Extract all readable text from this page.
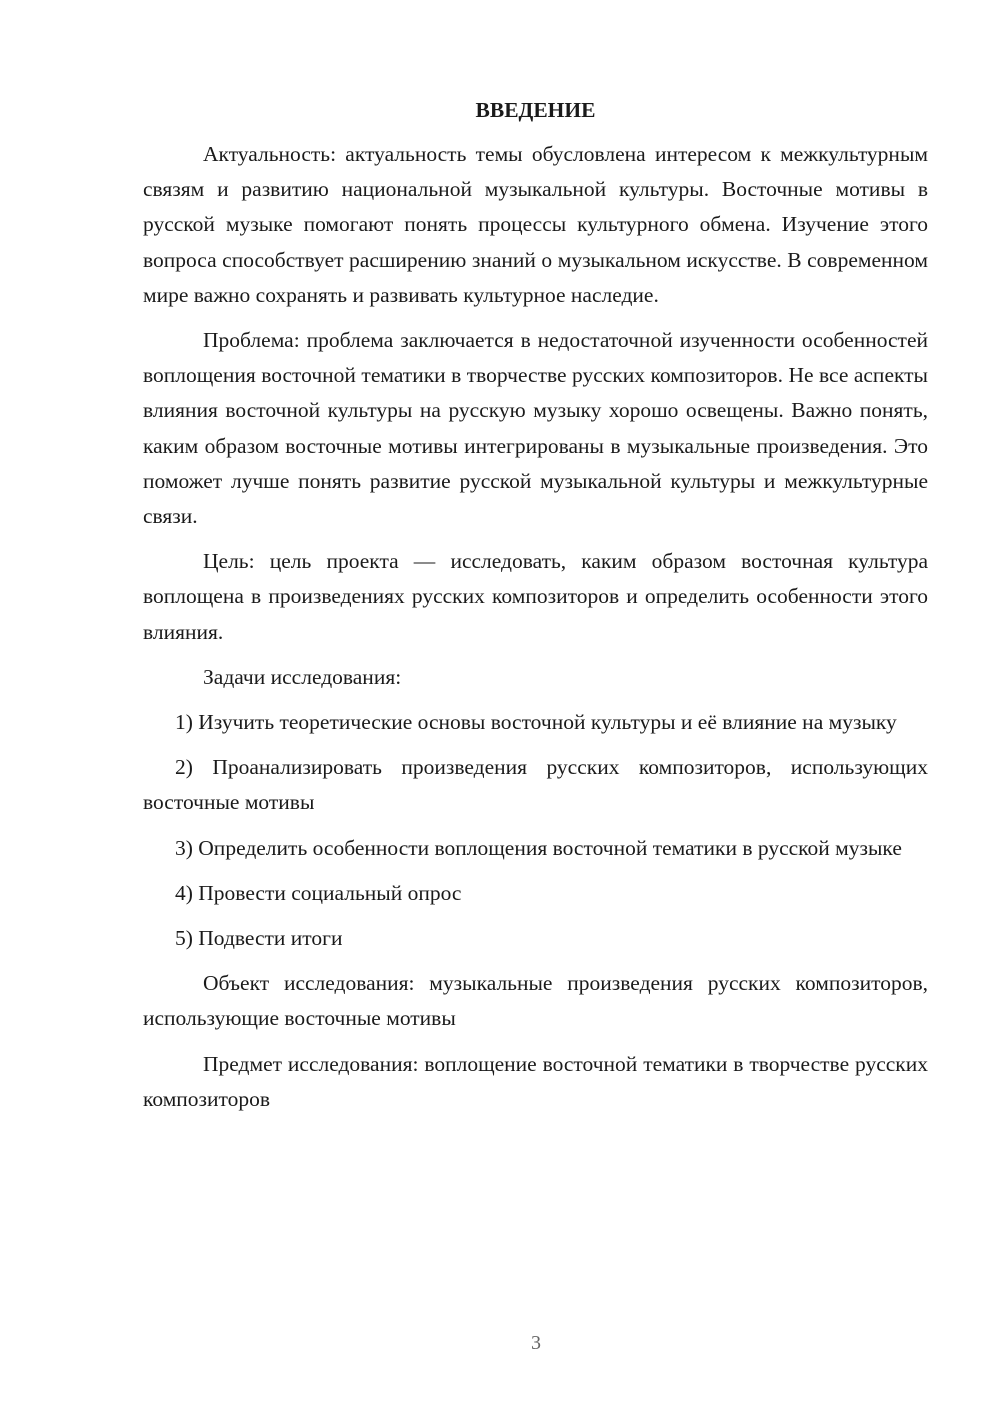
ВВЕДЕНИЕ

Актуальность: актуальность темы обусловлена интересом к межкультурным связям и развитию национальной музыкальной культуры. Восточные мотивы в русской музыке помогают понять процессы культурного обмена. Изучение этого вопроса способствует расширению знаний о музыкальном искусстве. В современном мире важно сохранять и развивать культурное наследие.

Проблема: проблема заключается в недостаточной изученности особенностей воплощения восточной тематики в творчестве русских композиторов. Не все аспекты влияния восточной культуры на русскую музыку хорошо освещены. Важно понять, каким образом восточные мотивы интегрированы в музыкальные произведения. Это поможет лучше понять развитие русской музыкальной культуры и межкультурные связи.

Цель: цель проекта — исследовать, каким образом восточная культура воплощена в произведениях русских композиторов и определить особенности этого влияния.

Задачи исследования:

1) Изучить теоретические основы восточной культуры и её влияние на музыку

2) Проанализировать произведения русских композиторов, использующих восточные мотивы

3) Определить особенности воплощения восточной тематики в русской музыке

4) Провести социальный опрос

5) Подвести итоги

Объект исследования: музыкальные произведения русских композиторов, использующие восточные мотивы

Предмет исследования: воплощение восточной тематики в творчестве русских композиторов

3
